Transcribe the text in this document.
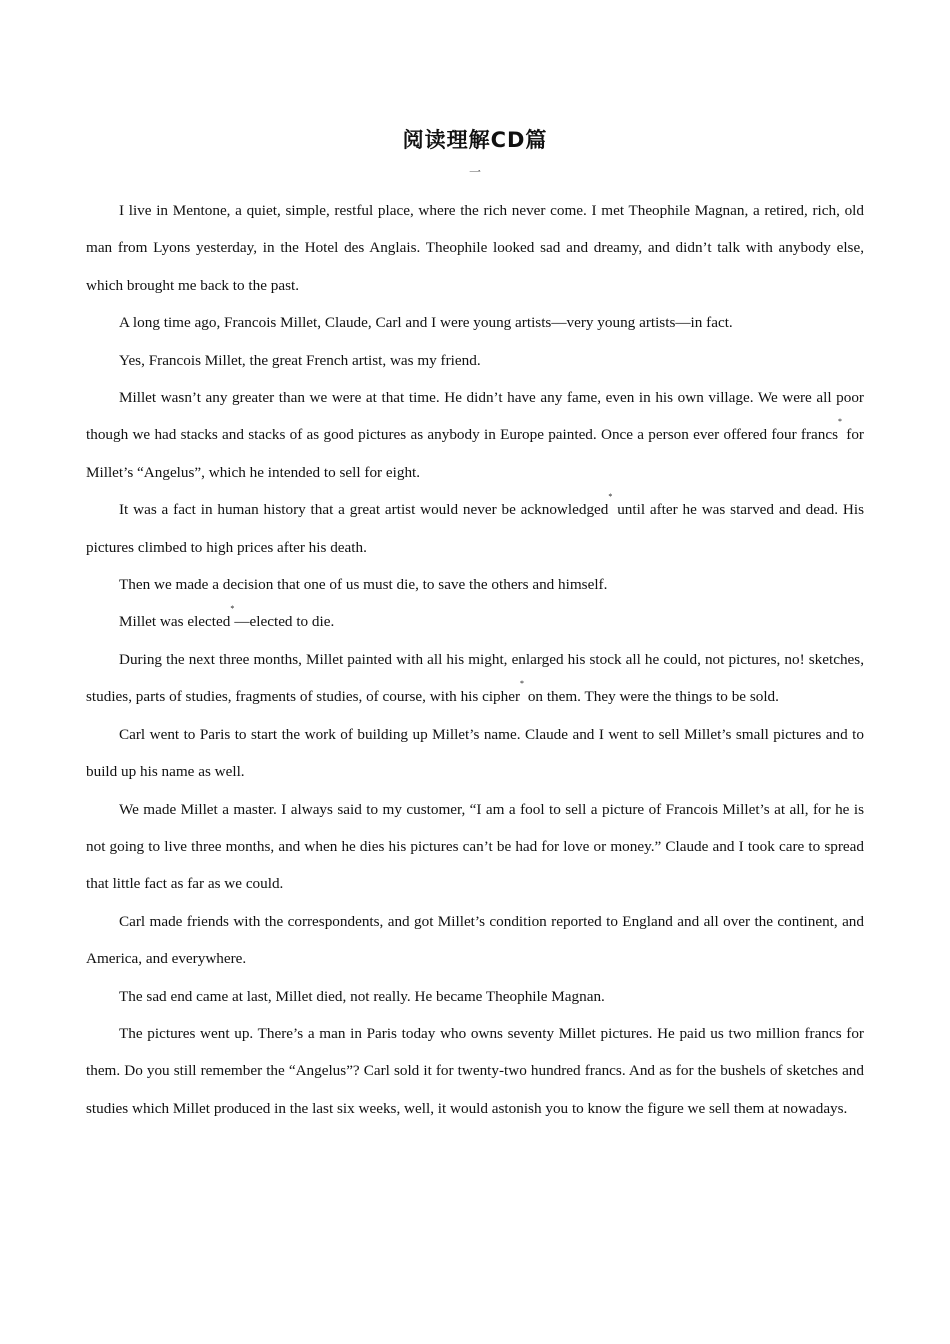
阅读理解CD篇
一

I live in Mentone, a quiet, simple, restful place, where the rich never come. I met Theophile Magnan, a retired, rich, old man from Lyons yesterday, in the Hotel des Anglais. Theophile looked sad and dreamy, and didn’t talk with anybody else, which brought me back to the past.

A long time ago, Francois Millet, Claude, Carl and I were young artists—very young artists—in fact.

Yes, Francois Millet, the great French artist, was my friend.

Millet wasn’t any greater than we were at that time. He didn’t have any fame, even in his own village. We were all poor though we had stacks and stacks of as good pictures as anybody in Europe painted. Once a person ever offered four francs* for Millet’s “Angelus”, which he intended to sell for eight.

It was a fact in human history that a great artist would never be acknowledged* until after he was starved and dead. His pictures climbed to high prices after his death.

Then we made a decision that one of us must die, to save the others and himself.

Millet was elected*—elected to die.

During the next three months, Millet painted with all his might, enlarged his stock all he could, not pictures, no! sketches, studies, parts of studies, fragments of studies, of course, with his cipher* on them. They were the things to be sold.

Carl went to Paris to start the work of building up Millet’s name. Claude and I went to sell Millet’s small pictures and to build up his name as well.

We made Millet a master. I always said to my customer, “I am a fool to sell a picture of Francois Millet’s at all, for he is not going to live three months, and when he dies his pictures can’t be had for love or money.” Claude and I took care to spread that little fact as far as we could.

Carl made friends with the correspondents, and got Millet’s condition reported to England and all over the continent, and America, and everywhere.

The sad end came at last, Millet died, not really. He became Theophile Magnan.

The pictures went up. There’s a man in Paris today who owns seventy Millet pictures. He paid us two million francs for them. Do you still remember the “Angelus”? Carl sold it for twenty-two hundred francs. And as for the bushels of sketches and studies which Millet produced in the last six weeks, well, it would astonish you to know the figure we sell them at nowadays.
